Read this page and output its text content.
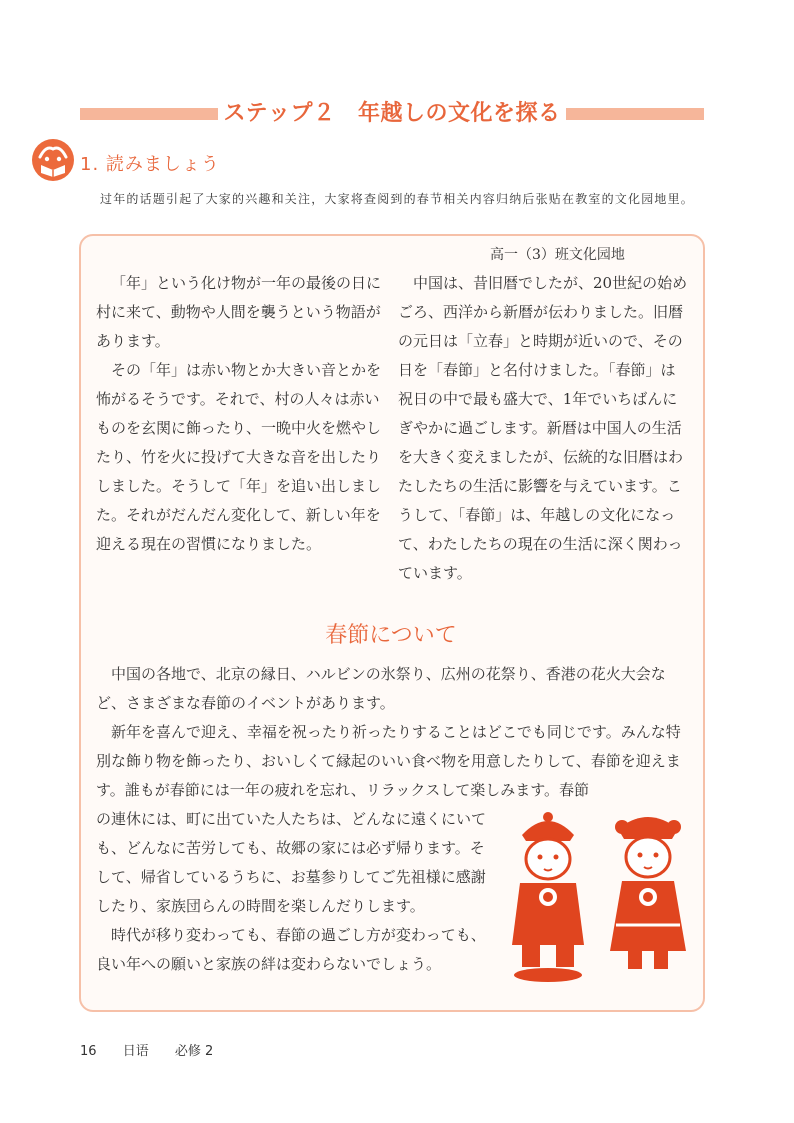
ステップ２　年越しの文化を探る
1. 読みましょう
过年的话题引起了大家的兴趣和关注，大家将查阅到的春节相关内容归纳后张贴在教室的文化园地里。
高一（3）班文化园地

「年」という化け物が一年の最後の日に村に来て、動物や人間を襲うという物語があります。

その「年」は赤い物とか大きい音とかを怖がるそうです。それで、村の人々は赤いものを玄関に飾ったり、一晩中火を燃やしたり、竹を火に投げて大きな音を出したりしました。そうして「年」を追い出しました。それがだんだん変化して、新しい年を迎える現在の習慣になりました。

中国は、昔旧暦でしたが、20世紀の始めごろ、西洋から新暦が伝わりました。旧暦の元日は「立春」と時期が近いので、その日を「春節」と名付けました。「春節」は祝日の中で最も盛大で、1年でいちばんにぎやかに過ごします。新暦は中国人の生活を大きく変えましたが、伝統的な旧暦はわたしたちの生活に影響を与えています。こうして、「春節」は、年越しの文化になって、わたしたちの現在の生活に深く関わっています。

春節について

中国の各地で、北京の縁日、ハルビンの氷祭り、広州の花祭り、香港の花火大会など、さまざまな春節のイベントがあります。

新年を喜んで迎え、幸福を祝ったり祈ったりすることはどこでも同じです。みんな特別な飾り物を飾ったり、おいしくて縁起のいい食べ物を用意したりして、春節を迎えます。誰もが春節には一年の疲れを忘れ、リラックスして楽しみます。春節

の連休には、町に出ていた人たちは、どんなに遠くにいても、どんなに苦労しても、故郷の家には必ず帰ります。そして、帰省しているうちに、お墓参りしてご先祖様に感謝したり、家族団らんの時間を楽しんだりします。

時代が移り変わっても、春節の過ごし方が変わっても、良い年への願いと家族の絆は変わらないでしょう。

16 日语 必修 2
